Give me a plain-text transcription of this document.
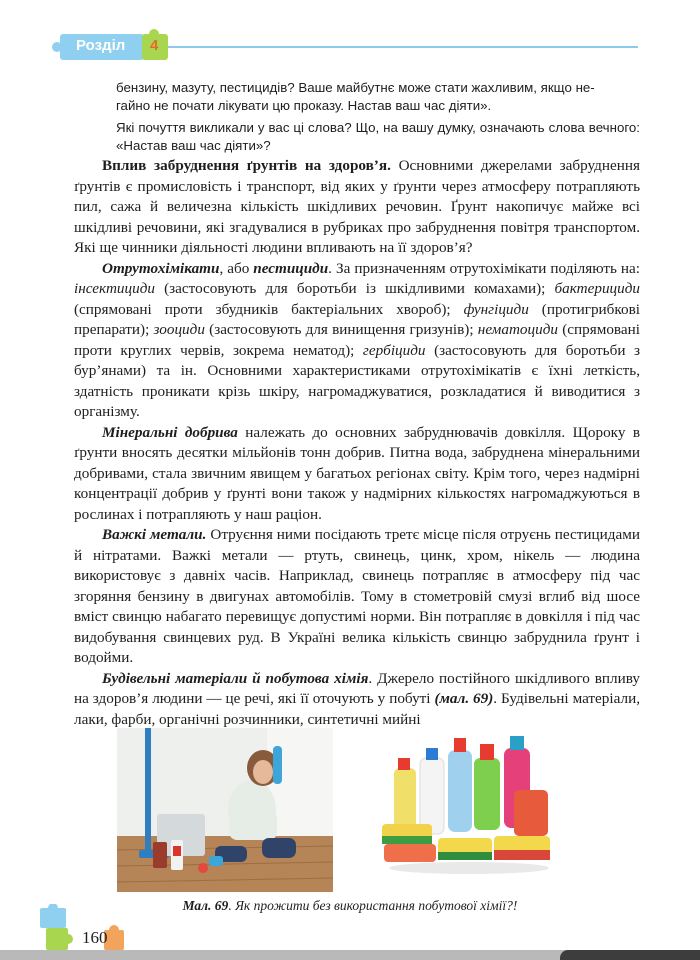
Розділ 4

бензину, мазуту, пестицидів? Ваше майбутнє може стати жахливим, якщо не-

гайно не почати лікувати цю проказу. Настав ваш час діяти».

Які почуття викликали у вас ці слова? Що, на вашу думку, означають слова вечного: «Настав ваш час діяти»?

Вплив забруднення ґрунтів на здоров’я. Основними джерелами забруднення ґрунтів є промисловість і транспорт, від яких у ґрунти через атмосферу потрапляють пил, сажа й величезна кількість шкідливих речовин. Ґрунт накопичує майже всі шкідливі речовини, які згадувалися в рубриках про забруднення повітря транспортом. Які ще чинники діяльності людини впливають на її здоров’я?

Отрутохімікати, або пестициди. За призначенням отрутохімікати поділяють на: інсектициди (застосовують для боротьби із шкідливими комахами); бактерициди (спрямовані проти збудників бактеріальних хвороб); фунгіциди (протигрибкові препарати); зооциди (застосовують для винищення гризунів); нематоциди (спрямовані проти круглих червів, зокрема нематод); гербіциди (застосовують для боротьби з бур’янами) та ін. Основними характеристиками отрутохімікатів є їхні леткість, здатність проникати крізь шкіру, нагромаджуватися, розкладатися й виводитися з організму.

Мінеральні добрива належать до основних забруднювачів довкілля. Щороку в ґрунти вносять десятки мільйонів тонн добрив. Питна вода, забруднена мінеральними добривами, стала звичним явищем у багатьох регіонах світу. Крім того, через надмірні концентрації добрив у ґрунті вони також у надмірних кількостях нагромаджуються в рослинах і потрапляють у наш раціон.

Важкі метали. Отруєння ними посідають третє місце після отруєнь пестицидами й нітратами. Важкі метали — ртуть, свинець, цинк, хром, нікель — людина використовує з давніх часів. Наприклад, свинець потрапляє в атмосферу під час згоряння бензину в двигунах автомобілів. Тому в стометровій смузі вглиб від шосе вміст свинцю набагато перевищує допустимі норми. Він потрапляє в довкілля і під час видобування свинцевих руд. В Україні велика кількість свинцю забруднила ґрунт і водойми.

Будівельні матеріали й побутова хімія. Джерело постійного шкідливого впливу на здоров’я людини — це речі, які її оточують у побуті (мал. 69). Будівельні матеріали, лаки, фарби, органічні розчинники, синтетичні мийні

Мал. 69. Як прожити без використання побутової хімії?!
160
